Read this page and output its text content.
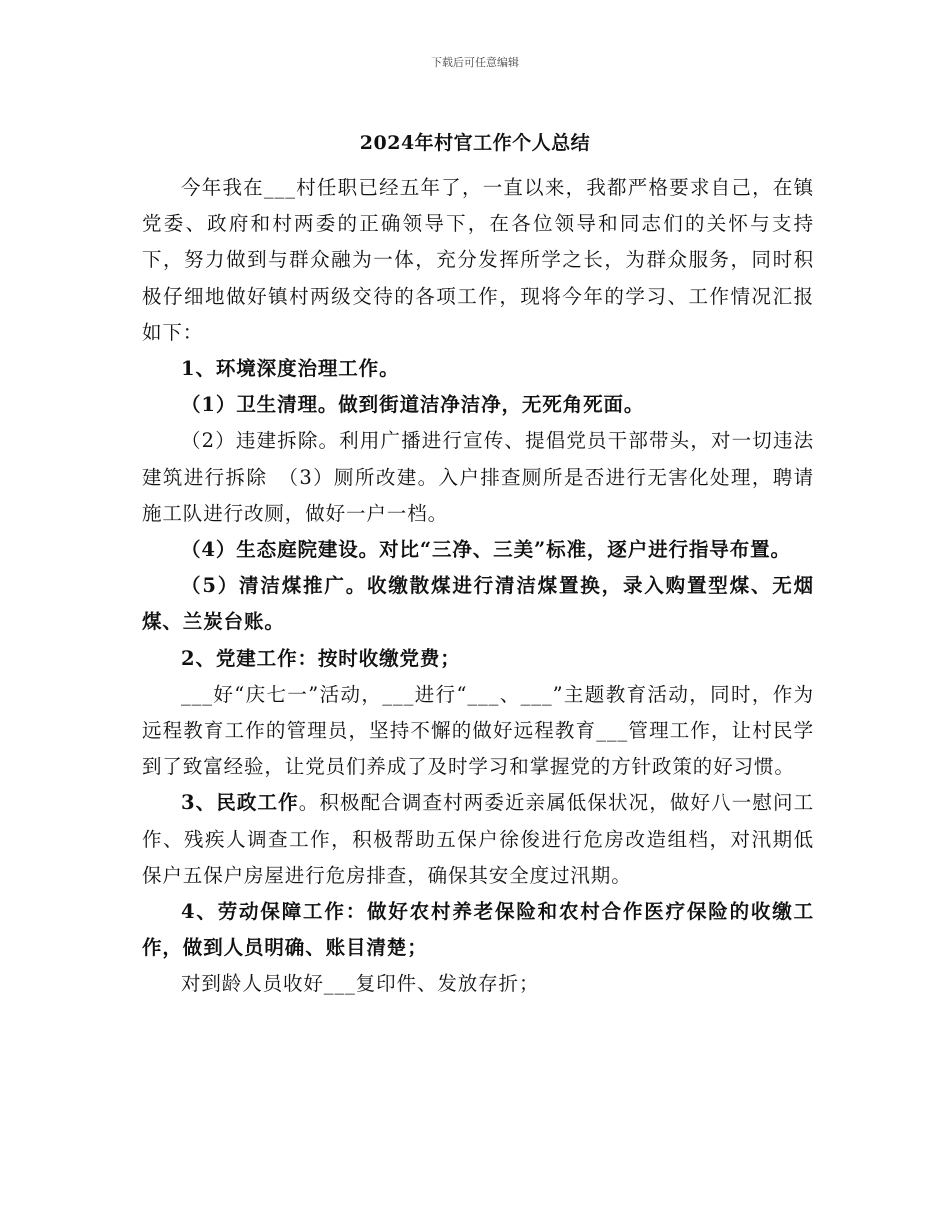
下载后可任意编辑
2024年村官工作个人总结

今年我在___村任职已经五年了，一直以来，我都严格要求自己，在镇党委、政府和村两委的正确领导下，在各位领导和同志们的关怀与支持下，努力做到与群众融为一体，充分发挥所学之长，为群众服务，同时积极仔细地做好镇村两级交待的各项工作，现将今年的学习、工作情况汇报如下：

1、环境深度治理工作。

（1）卫生清理。做到街道洁净洁净，无死角死面。

（2）违建拆除。利用广播进行宣传、提倡党员干部带头，对一切违法建筑进行拆除　（3）厕所改建。入户排查厕所是否进行无害化处理，聘请施工队进行改厕，做好一户一档。

（4）生态庭院建设。对比“三净、三美”标准，逐户进行指导布置。

（5）清洁煤推广。收缴散煤进行清洁煤置换，录入购置型煤、无烟煤、兰炭台账。

2、党建工作：按时收缴党费；

___好“庆七一”活动，___进行“___、___”主题教育活动，同时，作为远程教育工作的管理员，坚持不懈的做好远程教育___管理工作，让村民学到了致富经验，让党员们养成了及时学习和掌握党的方针政策的好习惯。

3、民政工作。积极配合调查村两委近亲属低保状况，做好八一慰问工作、残疾人调查工作，积极帮助五保户徐俊进行危房改造组档，对汛期低保户五保户房屋进行危房排查，确保其安全度过汛期。

4、劳动保障工作：做好农村养老保险和农村合作医疗保险的收缴工作，做到人员明确、账目清楚；

对到龄人员收好___复印件、发放存折；
